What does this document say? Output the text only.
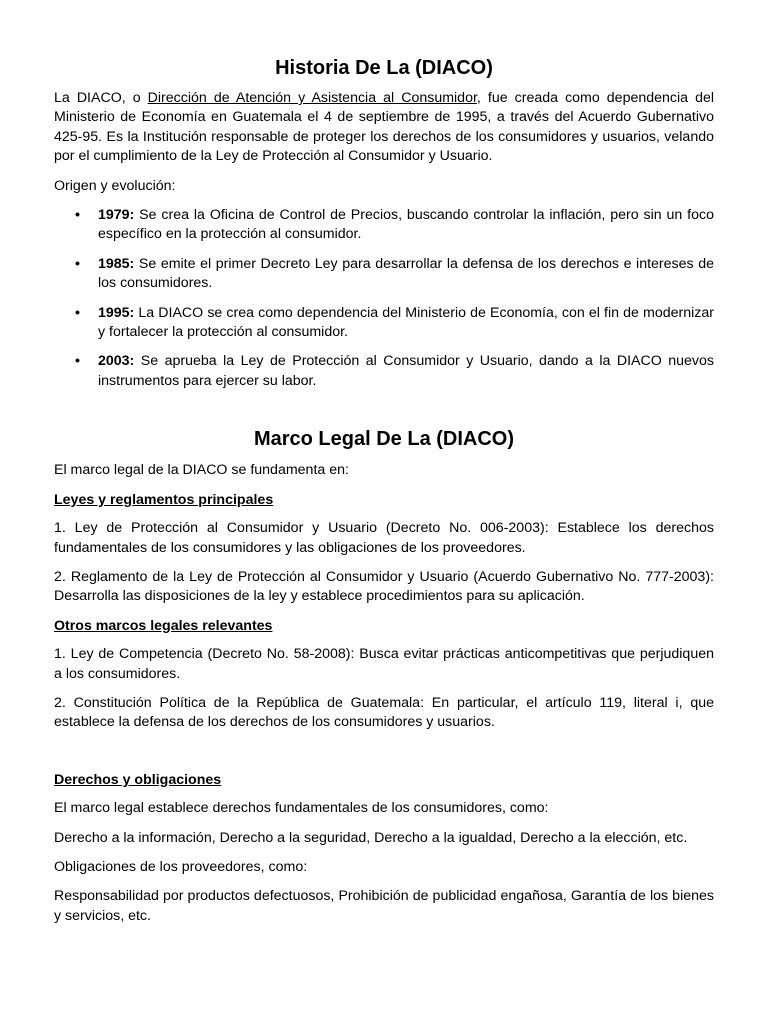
Historia De La (DIACO)

La DIACO, o Dirección de Atención y Asistencia al Consumidor, fue creada como dependencia del Ministerio de Economía en Guatemala el 4 de septiembre de 1995, a través del Acuerdo Gubernativo 425-95. Es la Institución responsable de proteger los derechos de los consumidores y usuarios, velando por el cumplimiento de la Ley de Protección al Consumidor y Usuario.

Origen y evolución:

• 1979: Se crea la Oficina de Control de Precios, buscando controlar la inflación, pero sin un foco específico en la protección al consumidor.
• 1985: Se emite el primer Decreto Ley para desarrollar la defensa de los derechos e intereses de los consumidores.
• 1995: La DIACO se crea como dependencia del Ministerio de Economía, con el fin de modernizar y fortalecer la protección al consumidor.
• 2003: Se aprueba la Ley de Protección al Consumidor y Usuario, dando a la DIACO nuevos instrumentos para ejercer su labor.
Marco Legal De La (DIACO)

El marco legal de la DIACO se fundamenta en:

Leyes y reglamentos principales

1. Ley de Protección al Consumidor y Usuario (Decreto No. 006-2003): Establece los derechos fundamentales de los consumidores y las obligaciones de los proveedores.

2. Reglamento de la Ley de Protección al Consumidor y Usuario (Acuerdo Gubernativo No. 777-2003): Desarrolla las disposiciones de la ley y establece procedimientos para su aplicación.

Otros marcos legales relevantes

1. Ley de Competencia (Decreto No. 58-2008): Busca evitar prácticas anticompetitivas que perjudiquen a los consumidores.

2. Constitución Política de la República de Guatemala: En particular, el artículo 119, literal i, que establece la defensa de los derechos de los consumidores y usuarios.

Derechos y obligaciones

El marco legal establece derechos fundamentales de los consumidores, como:

Derecho a la información, Derecho a la seguridad, Derecho a la igualdad, Derecho a la elección, etc.

Obligaciones de los proveedores, como:

Responsabilidad por productos defectuosos, Prohibición de publicidad engañosa, Garantía de los bienes y servicios, etc.
